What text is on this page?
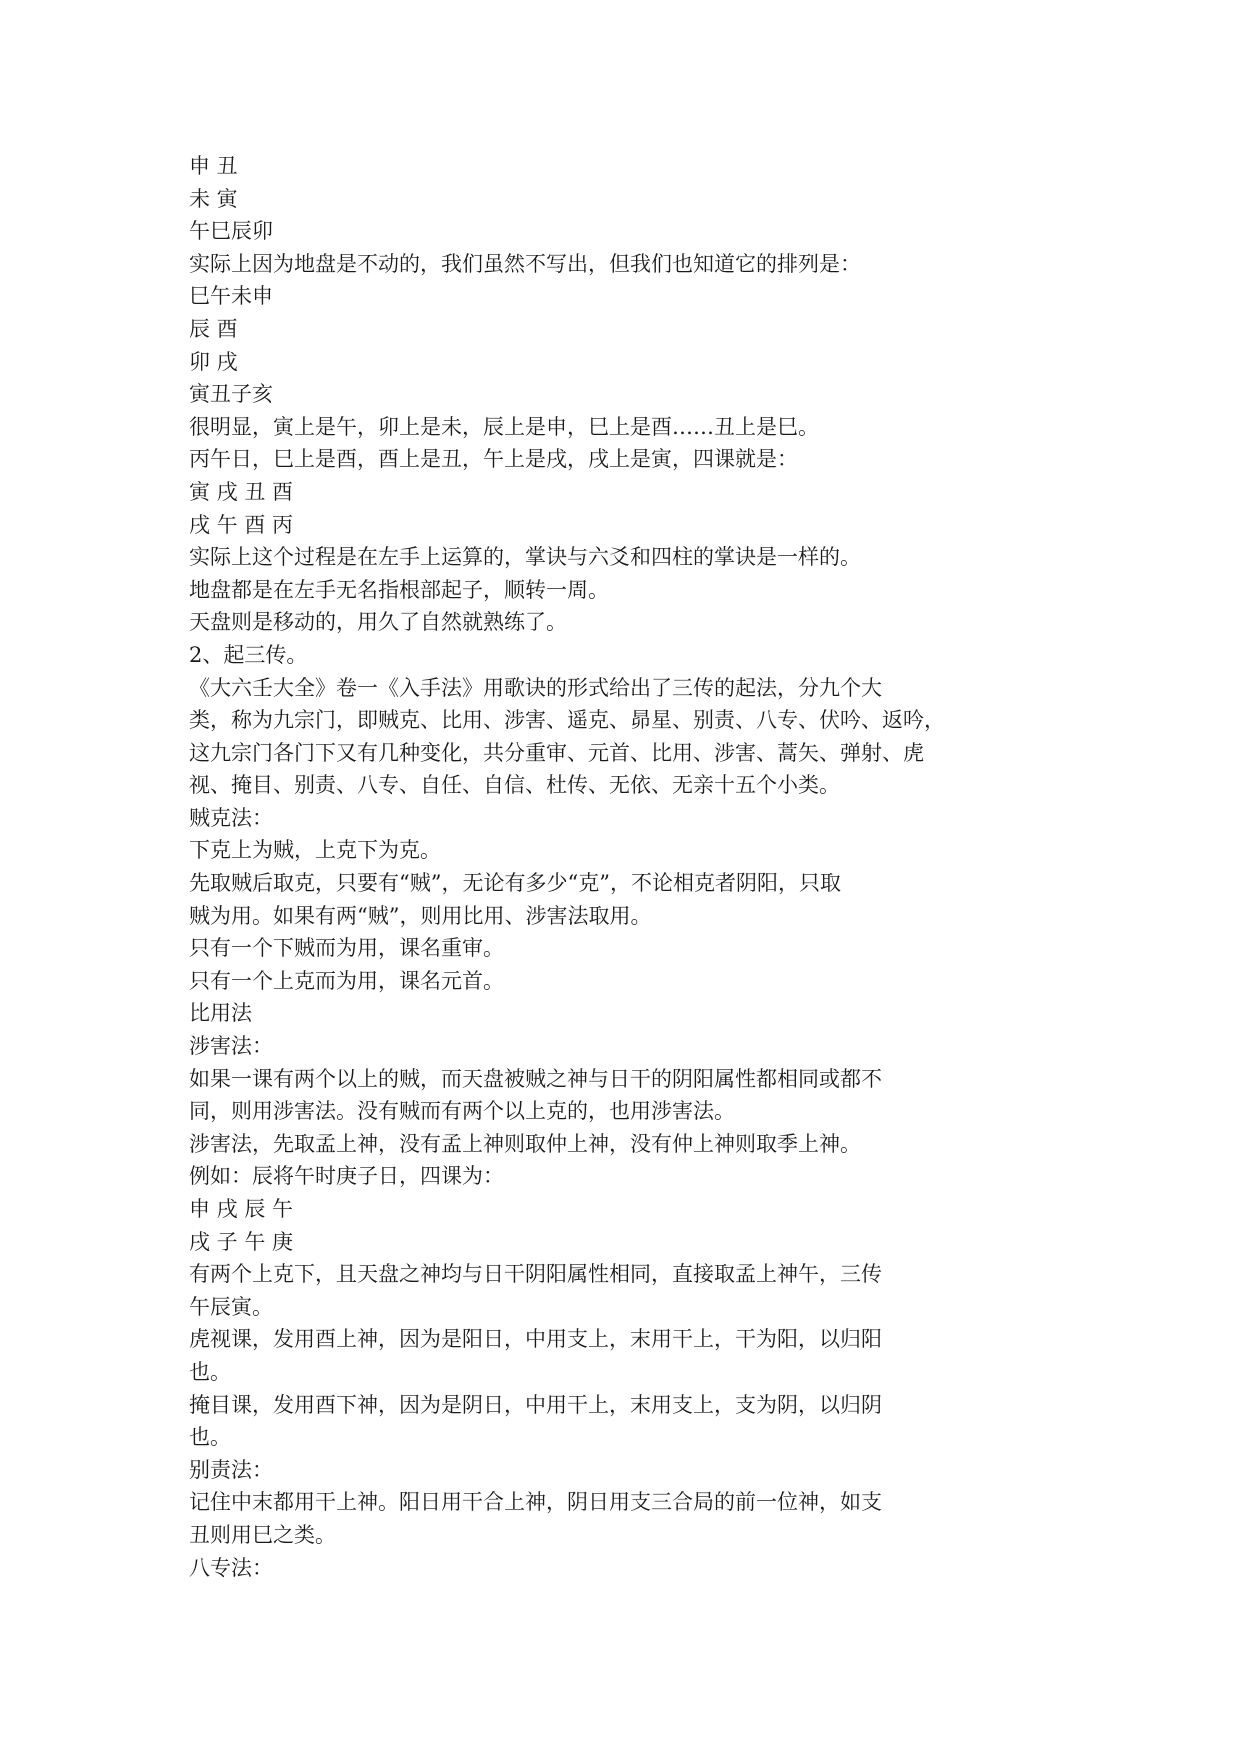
申 丑
未 寅
午巳辰卯
实际上因为地盘是不动的，我们虽然不写出，但我们也知道它的排列是：
巳午未申
辰 酉
卯 戌
寅丑子亥
很明显，寅上是午，卯上是未，辰上是申，巳上是酉……丑上是巳。
丙午日，巳上是酉，酉上是丑，午上是戌，戌上是寅，四课就是：
寅 戌 丑 酉
戌 午 酉 丙
实际上这个过程是在左手上运算的，掌诀与六爻和四柱的掌诀是一样的。
地盘都是在左手无名指根部起子，顺转一周。
天盘则是移动的，用久了自然就熟练了。
2、起三传。
《大六壬大全》卷一《入手法》用歌诀的形式给出了三传的起法，分九个大
类，称为九宗门，即贼克、比用、涉害、遥克、昴星、别责、八专、伏吟、返吟，
这九宗门各门下又有几种变化，共分重审、元首、比用、涉害、蒿矢、弹射、虎
视、掩目、别责、八专、自任、自信、杜传、无依、无亲十五个小类。
贼克法：
下克上为贼，上克下为克。
先取贼后取克，只要有“贼”，无论有多少“克”，不论相克者阴阳，只取
贼为用。如果有两“贼”，则用比用、涉害法取用。
只有一个下贼而为用，课名重审。
只有一个上克而为用，课名元首。
比用法
涉害法：
如果一课有两个以上的贼，而天盘被贼之神与日干的阴阳属性都相同或都不
同，则用涉害法。没有贼而有两个以上克的，也用涉害法。
涉害法，先取孟上神，没有孟上神则取仲上神，没有仲上神则取季上神。
例如：辰将午时庚子日，四课为：
申 戌 辰 午
戌 子 午 庚
有两个上克下，且天盘之神均与日干阴阳属性相同，直接取孟上神午，三传
午辰寅。
虎视课，发用酉上神，因为是阳日，中用支上，末用干上，干为阳，以归阳
也。
掩目课，发用酉下神，因为是阴日，中用干上，末用支上，支为阴，以归阴
也。
别责法：
记住中末都用干上神。阳日用干合上神，阴日用支三合局的前一位神，如支
丑则用巳之类。
八专法：
